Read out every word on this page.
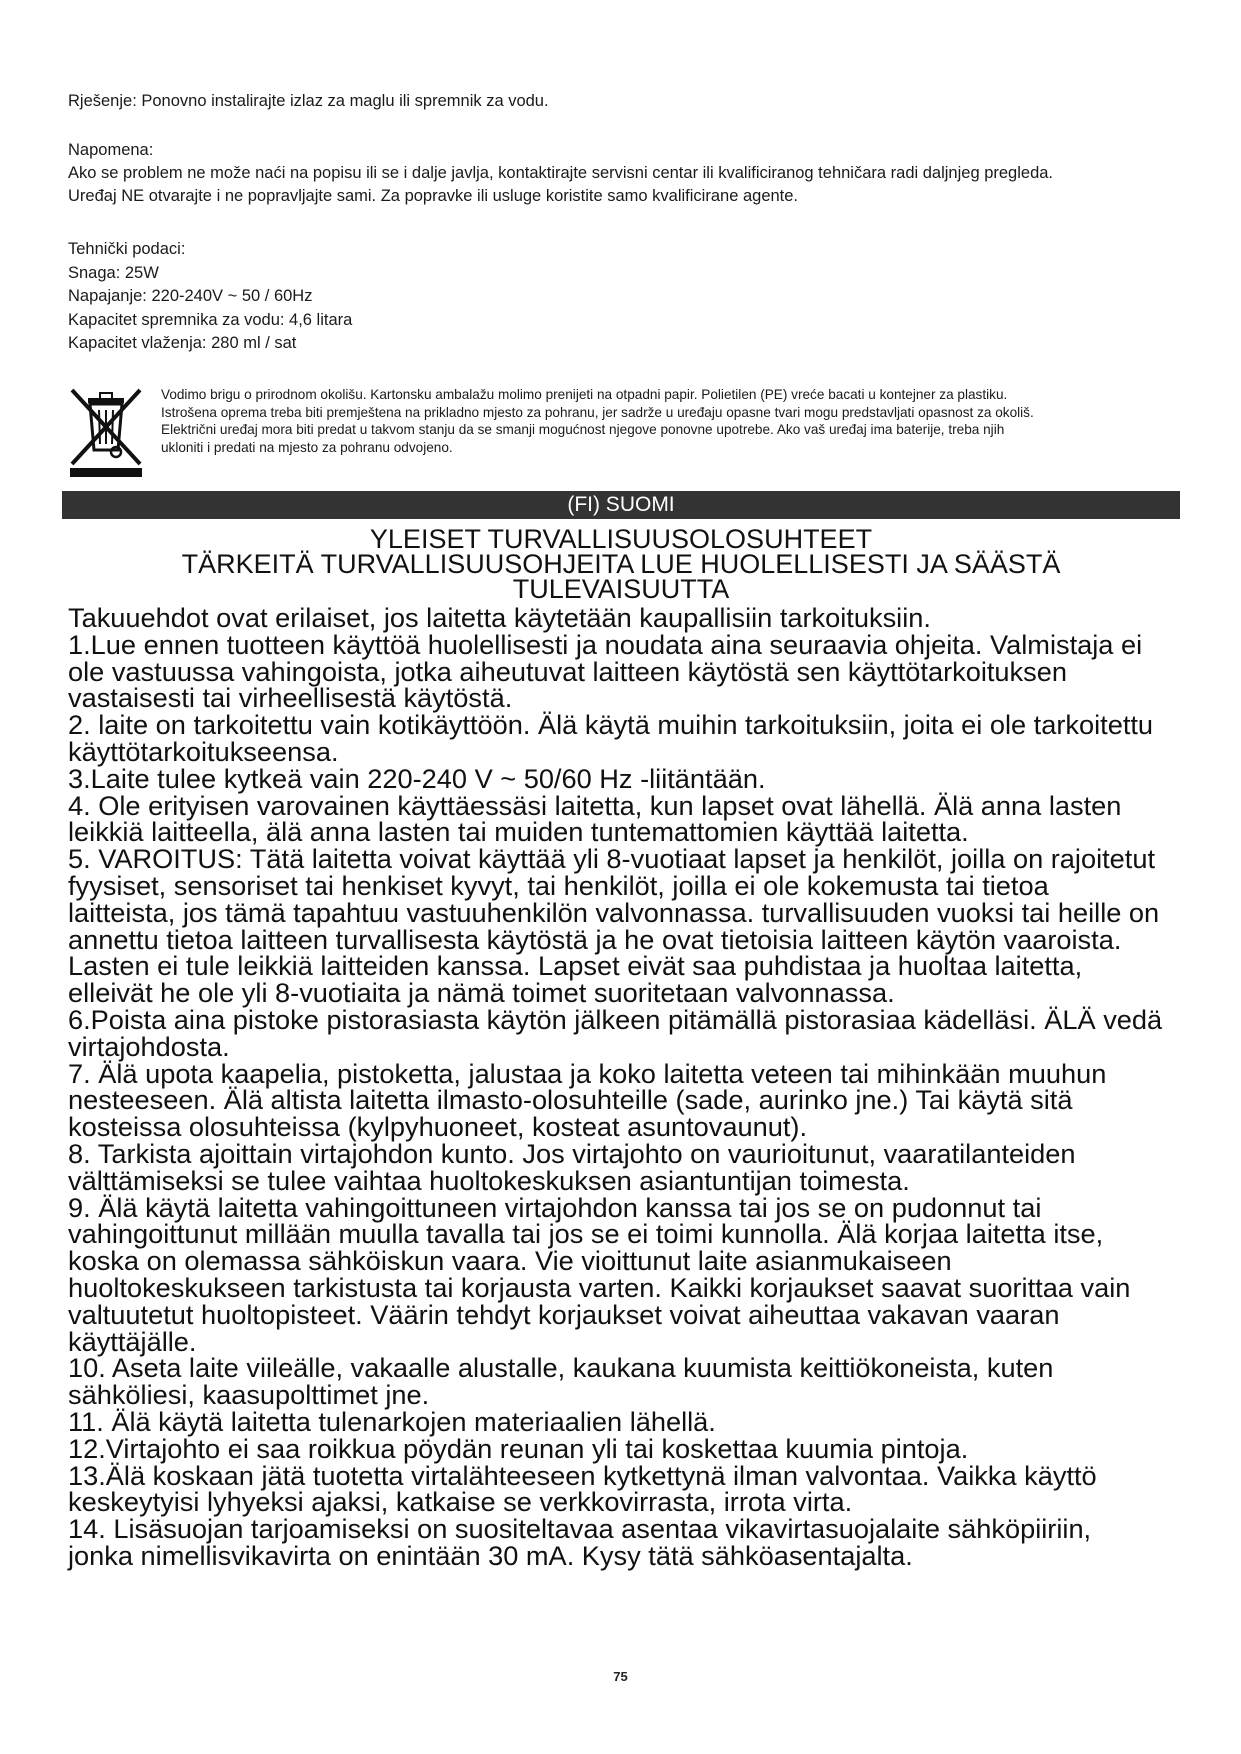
Rješenje: Ponovno instalirajte izlaz za maglu ili spremnik za vodu.

Napomena:

Ako se problem ne može naći na popisu ili se i dalje javlja, kontaktirajte servisni centar ili kvalificiranog tehničara radi daljnjeg pregleda.

Uređaj NE otvarajte i ne popravljajte sami. Za popravke ili usluge koristite samo kvalificirane agente.

Tehnički podaci:

Snaga: 25W

Napajanje: 220-240V ~ 50 / 60Hz

Kapacitet spremnika za vodu: 4,6 litara

Kapacitet vlaženja: 280 ml / sat

Vodimo brigu o prirodnom okolišu. Kartonsku ambalažu molimo prenijeti na otpadni papir. Polietilen (PE) vreće bacati u kontejner za plastiku.

Istrošena oprema treba biti premještena na prikladno mjesto za pohranu, jer sadrže u uređaju opasne tvari mogu predstavljati opasnost za okoliš.

Električni uređaj mora biti predat u takvom stanju da se smanji mogućnost njegove ponovne upotrebe. Ako vaš uređaj ima baterije, treba njih

ukloniti i predati na mjesto za pohranu odvojeno.

(FI) SUOMI
YLEISET TURVALLISUUSOLOSUHTEET
TÄRKEITÄ TURVALLISUUSOHJEITA LUE HUOLELLISESTI JA SÄÄSTÄ
TULEVAISUUTTA

Takuuehdot ovat erilaiset, jos laitetta käytetään kaupallisiin tarkoituksiin.

1.Lue ennen tuotteen käyttöä huolellisesti ja noudata aina seuraavia ohjeita. Valmistaja ei

ole vastuussa vahingoista, jotka aiheutuvat laitteen käytöstä sen käyttötarkoituksen

vastaisesti tai virheellisestä käytöstä.

2. laite on tarkoitettu vain kotikäyttöön. Älä käytä muihin tarkoituksiin, joita ei ole tarkoitettu

käyttötarkoitukseensa.

3.Laite tulee kytkeä vain 220-240 V ~ 50/60 Hz -liitäntään.

4. Ole erityisen varovainen käyttäessäsi laitetta, kun lapset ovat lähellä. Älä anna lasten

leikkiä laitteella, älä anna lasten tai muiden tuntemattomien käyttää laitetta.

5. VAROITUS: Tätä laitetta voivat käyttää yli 8-vuotiaat lapset ja henkilöt, joilla on rajoitetut

fyysiset, sensoriset tai henkiset kyvyt, tai henkilöt, joilla ei ole kokemusta tai tietoa

laitteista, jos tämä tapahtuu vastuuhenkilön valvonnassa. turvallisuuden vuoksi tai heille on

annettu tietoa laitteen turvallisesta käytöstä ja he ovat tietoisia laitteen käytön vaaroista.

Lasten ei tule leikkiä laitteiden kanssa. Lapset eivät saa puhdistaa ja huoltaa laitetta,

elleivät he ole yli 8-vuotiaita ja nämä toimet suoritetaan valvonnassa.

6.Poista aina pistoke pistorasiasta käytön jälkeen pitämällä pistorasiaa kädelläsi. ÄLÄ vedä

virtajohdosta.

7. Älä upota kaapelia, pistoketta, jalustaa ja koko laitetta veteen tai mihinkään muuhun

nesteeseen. Älä altista laitetta ilmasto-olosuhteille (sade, aurinko jne.) Tai käytä sitä

kosteissa olosuhteissa (kylpyhuoneet, kosteat asuntovaunut).

8. Tarkista ajoittain virtajohdon kunto. Jos virtajohto on vaurioitunut, vaaratilanteiden

välttämiseksi se tulee vaihtaa huoltokeskuksen asiantuntijan toimesta.

9. Älä käytä laitetta vahingoittuneen virtajohdon kanssa tai jos se on pudonnut tai

vahingoittunut millään muulla tavalla tai jos se ei toimi kunnolla. Älä korjaa laitetta itse,

koska on olemassa sähköiskun vaara. Vie vioittunut laite asianmukaiseen

huoltokeskukseen tarkistusta tai korjausta varten. Kaikki korjaukset saavat suorittaa vain

valtuutetut huoltopisteet. Väärin tehdyt korjaukset voivat aiheuttaa vakavan vaaran

käyttäjälle.

10. Aseta laite viileälle, vakaalle alustalle, kaukana kuumista keittiökoneista, kuten

sähköliesi, kaasupolttimet jne.

11. Älä käytä laitetta tulenarkojen materiaalien lähellä.

12.Virtajohto ei saa roikkua pöydän reunan yli tai koskettaa kuumia pintoja.

13.Älä koskaan jätä tuotetta virtalähteeseen kytkettynä ilman valvontaa. Vaikka käyttö

keskeytyisi lyhyeksi ajaksi, katkaise se verkkovirrasta, irrota virta.

14. Lisäsuojan tarjoamiseksi on suositeltavaa asentaa vikavirtasuojalaite sähköpiiriin,

jonka nimellisvikavirta on enintään 30 mA. Kysy tätä sähköasentajalta.

75
